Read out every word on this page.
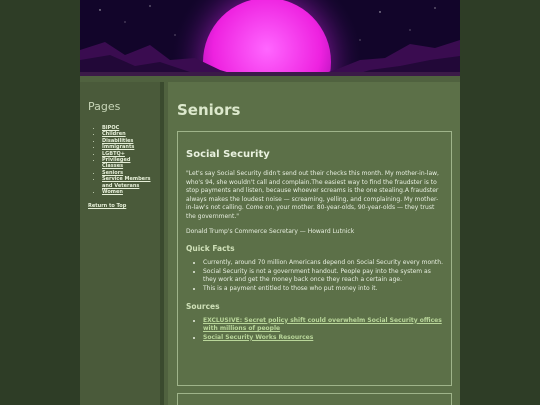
Pages
• BIPOC
• Children
• Disabilities
• Immigrants
• LGBTQ+
• Privileged Classes
• Seniors
• Service Members and Veterans
• Women
Return to Top
Seniors
Social Security

"Let's say Social Security didn't send out their checks this month. My mother-in-law, who's 94, she wouldn't call and complain.The easiest way to find the fraudster is to stop payments and listen, because whoever screams is the one stealing.A fraudster always makes the loudest noise — screaming, yelling, and complaining. My mother-in-law's not calling. Come on, your mother. 80-year-olds, 90-year-olds — they trust the government."

Donald Trump's Commerce Secretary — Howard Lutnick

Quick Facts
• Currently, around 70 million Americans depend on Social Security every month.
• Social Security is not a government handout. People pay into the system as they work and get the money back once they reach a certain age.
• This is a payment entitled to those who put money into it.
Sources
• EXCLUSIVE: Secret policy shift could overwhelm Social Security offices with millions of people
• Social Security Works Resources
